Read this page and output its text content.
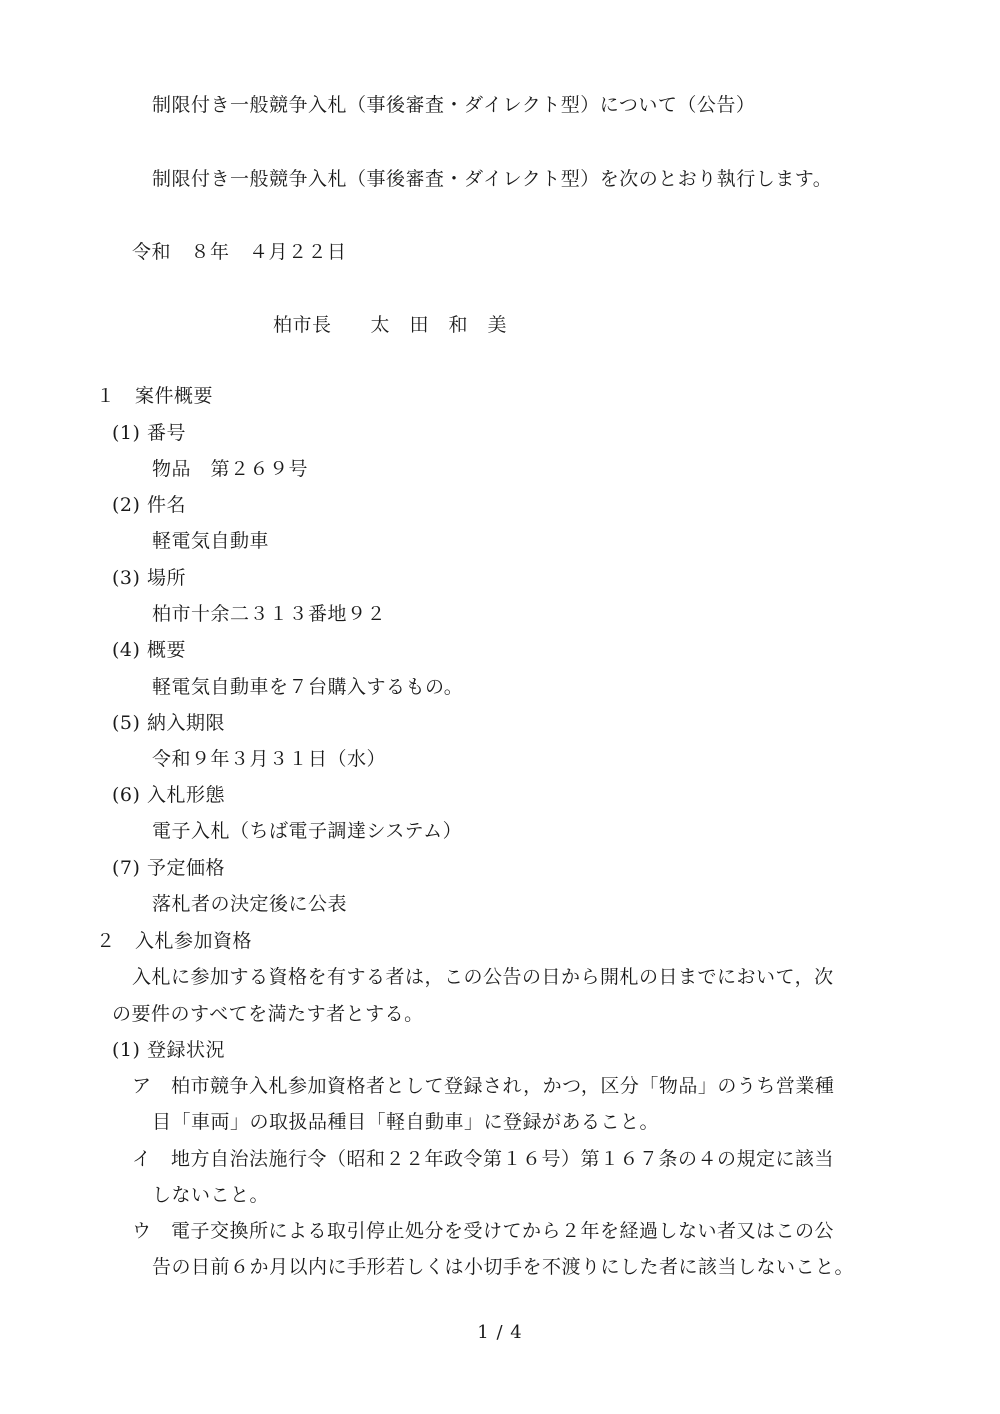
制限付き一般競争入札（事後審査・ダイレクト型）について（公告）
制限付き一般競争入札（事後審査・ダイレクト型）を次のとおり執行します。
令和　８年　４月２２日
柏市長　　太　田　和　美
１　案件概要
(1) 番号
物品　第２６９号
(2) 件名
軽電気自動車
(3) 場所
柏市十余二３１３番地９２
(4) 概要
軽電気自動車を７台購入するもの。
(5) 納入期限
令和９年３月３１日（水）
(6) 入札形態
電子入札（ちば電子調達システム）
(7) 予定価格
落札者の決定後に公表
２　入札参加資格
入札に参加する資格を有する者は，この公告の日から開札の日までにおいて，次
の要件のすべてを満たす者とする。
(1) 登録状況
ア　柏市競争入札参加資格者として登録され，かつ，区分「物品」のうち営業種
目「車両」の取扱品種目「軽自動車」に登録があること。
イ　地方自治法施行令（昭和２２年政令第１６号）第１６７条の４の規定に該当
しないこと。
ウ　電子交換所による取引停止処分を受けてから２年を経過しない者又はこの公
告の日前６か月以内に手形若しくは小切手を不渡りにした者に該当しないこと。
1 / 4
